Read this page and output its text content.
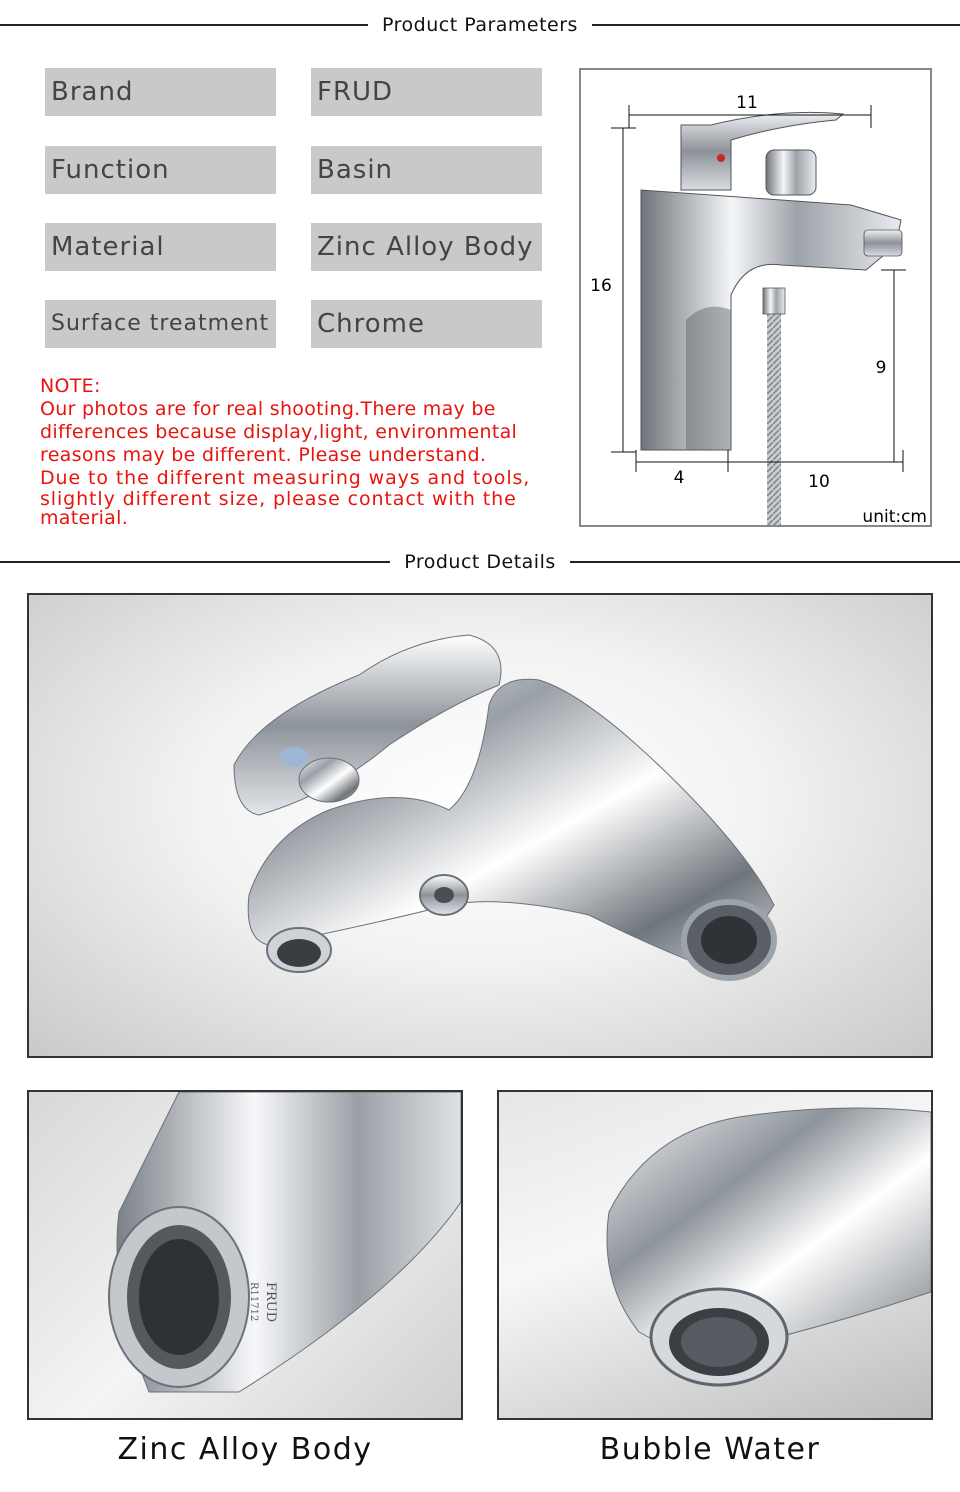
Product Parameters
Brand	FRUD
Function	Basin
Material	Zinc Alloy Body
Surface treatment Chrome

NOTE:

Our photos are for real shooting.There may be

differences because display,light, environmental

reasons may be different. Please understand.

Due to the different measuring ways and tools,

slightly different size, please contact with the

material.

11
16
9
4	10
unit:cm
Product Details
FRUD
R11712
Zinc Alloy Body	Bubble Water
